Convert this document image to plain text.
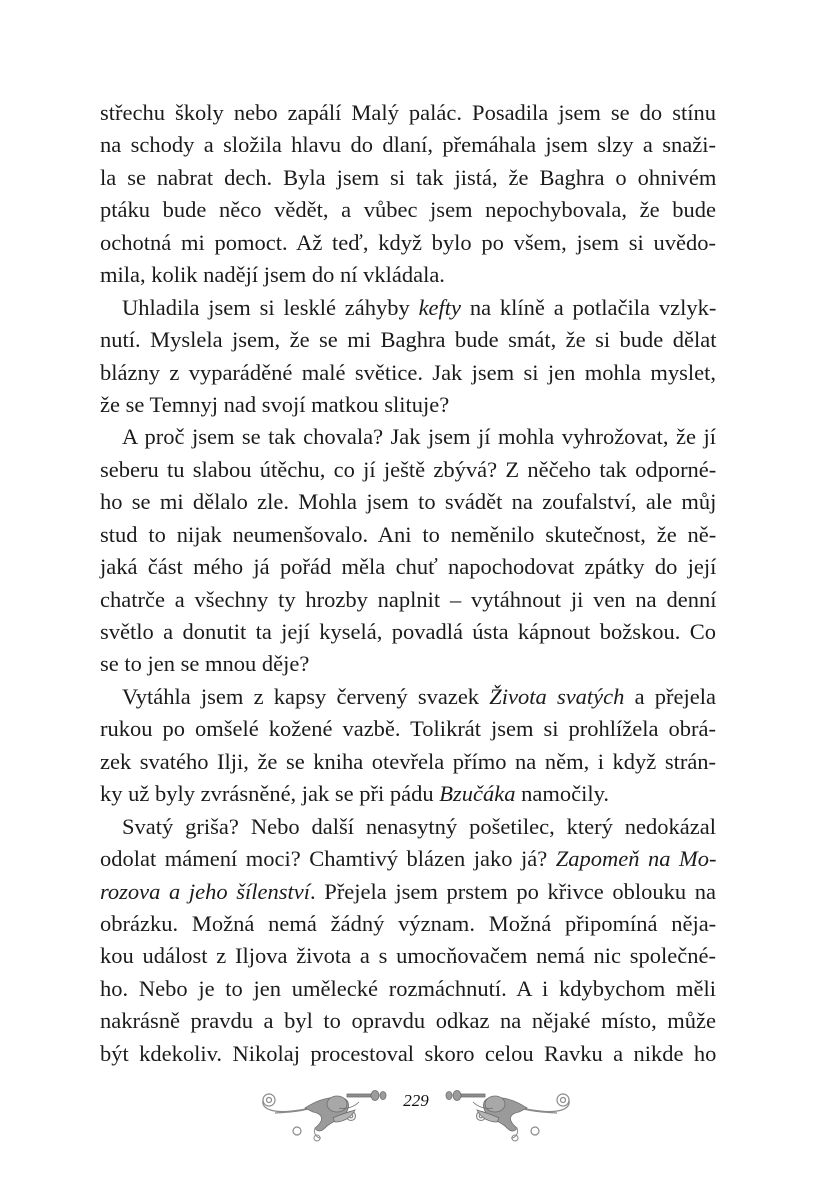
střechu školy nebo zapálí Malý palác. Posadila jsem se do stínu
na schody a složila hlavu do dlaní, přemáhala jsem slzy a snaži-
la se nabrat dech. Byla jsem si tak jistá, že Baghra o ohnivém
ptáku bude něco vědět, a vůbec jsem nepochybovala, že bude
ochotná mi pomoct. Až teď, když bylo po všem, jsem si uvědo-
mila, kolik nadějí jsem do ní vkládala.
Uhladila jsem si lesklé záhyby kefty na klíně a potlačila vzlyk-
nutí. Myslela jsem, že se mi Baghra bude smát, že si bude dělat
blázny z vyparáděné malé světice. Jak jsem si jen mohla myslet,
že se Temnyj nad svojí matkou slituje?
A proč jsem se tak chovala? Jak jsem jí mohla vyhrožovat, že jí
seberu tu slabou útěchu, co jí ještě zbývá? Z něčeho tak odporné-
ho se mi dělalo zle. Mohla jsem to svádět na zoufalství, ale můj
stud to nijak neumenšovalo. Ani to neměnilo skutečnost, že ně-
jaká část mého já pořád měla chuť napochodovat zpátky do její
chatrče a všechny ty hrozby naplnit – vytáhnout ji ven na denní
světlo a donutit ta její kyselá, povadlá ústa kápnout božskou. Co
se to jen se mnou děje?
Vytáhla jsem z kapsy červený svazek Života svatých a přejela
rukou po omšelé kožené vazbě. Tolikrát jsem si prohlížela obrá-
zek svatého Ilji, že se kniha otevřela přímo na něm, i když strán-
ky už byly zvrásněné, jak se při pádu Bzučáka namočily.
Svatý griša? Nebo další nenasytný pošetilec, který nedokázal
odolat mámení moci? Chamtivý blázen jako já? Zapomeň na Mo-
rozova a jeho šílenství. Přejela jsem prstem po křivce oblouku na
obrázku. Možná nemá žádný význam. Možná připomíná něja-
kou událost z Iljova života a s umocňovačem nemá nic společné-
ho. Nebo je to jen umělecké rozmáchnutí. A i kdybychom měli
nakrásně pravdu a byl to opravdu odkaz na nějaké místo, může
být kdekoliv. Nikolaj procestoval skoro celou Ravku a nikde ho
229
